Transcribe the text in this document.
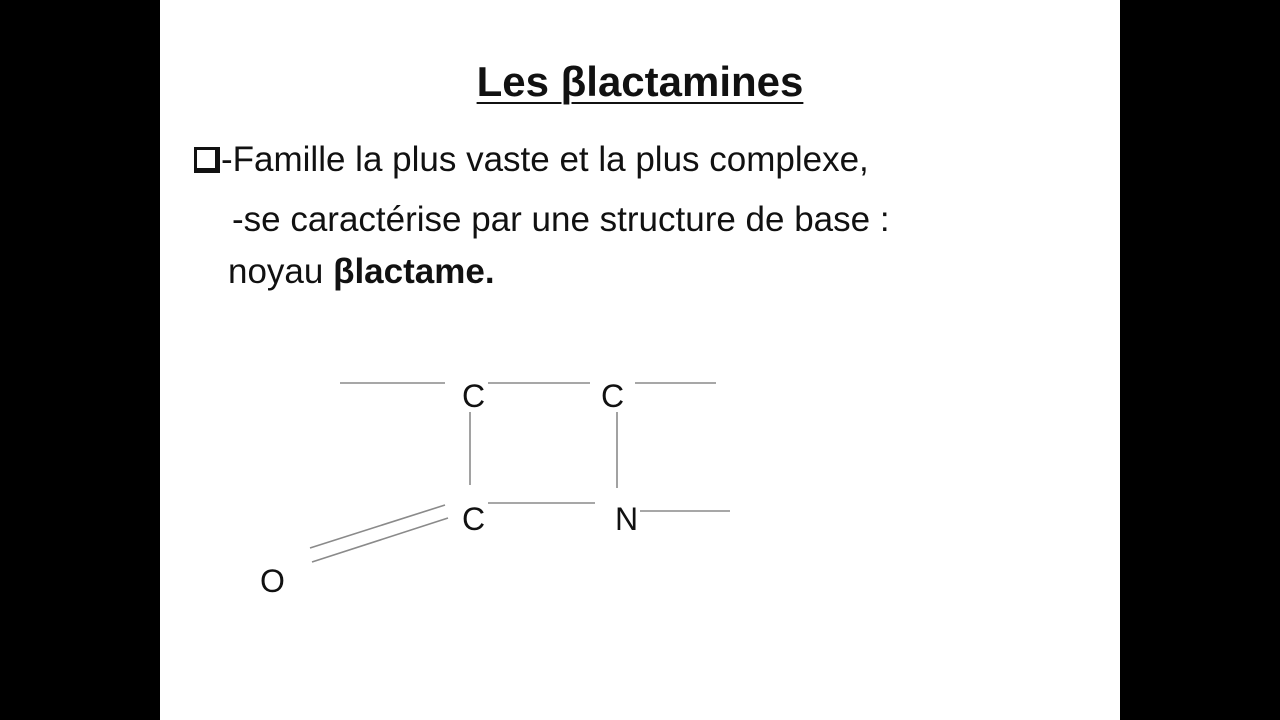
Les βlactamines
-Famille la plus vaste et la plus complexe,
-se caractérise par une structure de base :
noyau βlactame.
C	C
C	N
O
